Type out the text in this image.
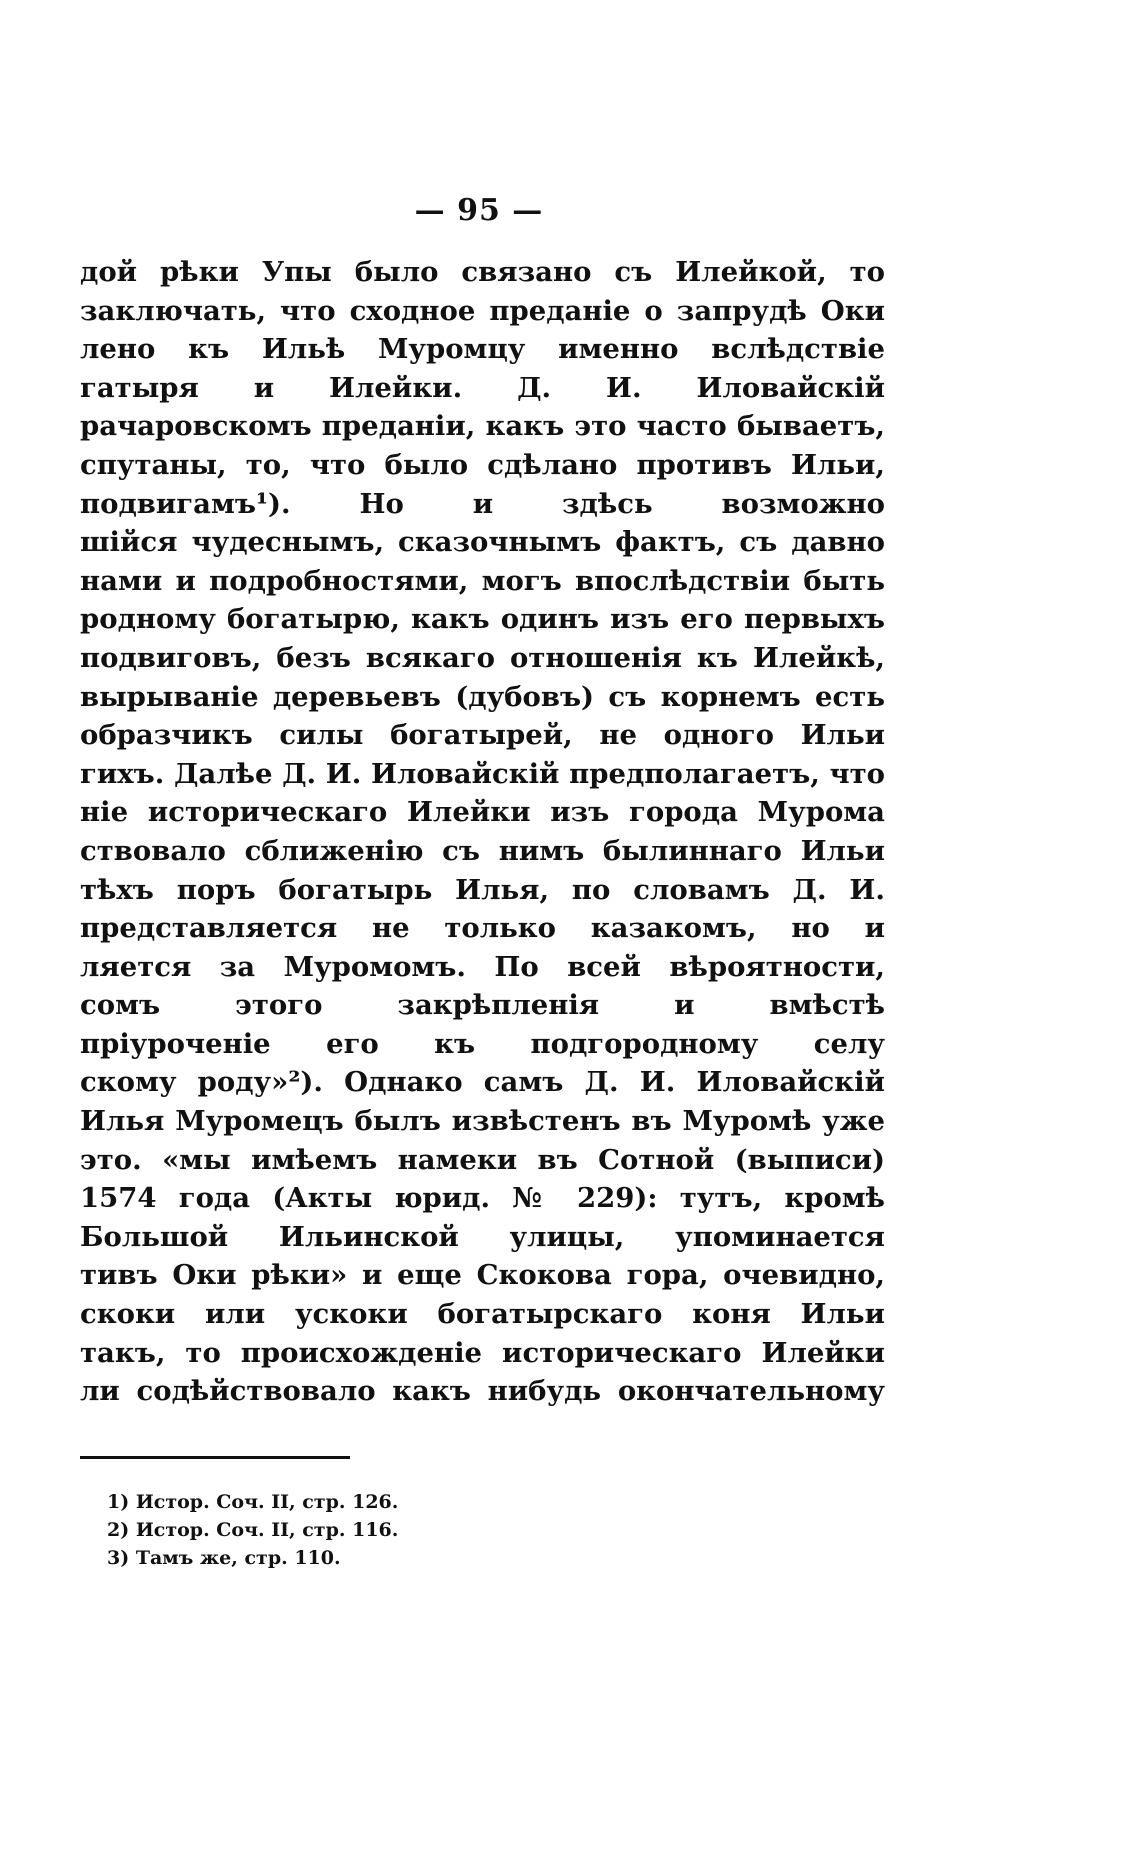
— 95 —
дой рѣки Упы было связано съ Илейкой, то
заключать, что сходное преданіе о запрудѣ Оки
лено къ Ильѣ Муромцу именно вслѣдствіе
гатыря и Илейки. Д. И. Иловайскій
рачаровскомъ преданіи, какъ это часто бываетъ,
спутаны, то, что было сдѣлано противъ Ильи,
подвигамъ¹). Но и здѣсь возможно
шійся чудеснымъ, сказочнымъ фактъ, съ давно
нами и подробностями, могъ впослѣдствіи быть
родному богатырю, какъ одинъ изъ его первыхъ
подвиговъ, безъ всякаго отношенія къ Илейкѣ,
вырываніе деревьевъ (дубовъ) съ корнемъ есть
образчикъ силы богатырей, не одного Ильи
гихъ. Далѣе Д. И. Иловайскій предполагаетъ, что
ніе историческаго Илейки изъ города Мурома
ствовало сближенію съ нимъ былиннаго Ильи
тѣхъ поръ богатырь Илья, по словамъ Д. И.
представляется не только казакомъ, но и
ляется за Муромомъ. По всей вѣроятности,
сомъ этого закрѣпленія и вмѣстѣ
пріуроченіе его къ подгородному селу
скому роду»²). Однако самъ Д. И. Иловайскій
Илья Муромецъ былъ извѣстенъ въ Муромѣ уже
это. «мы имѣемъ намеки въ Сотной (выписи)
1574 года (Акты юрид. № 229): тутъ, кромѣ
Большой Ильинской улицы, упоминается
тивъ Оки рѣки» и еще Скокова гора, очевидно,
скоки или ускоки богатырскаго коня Ильи
такъ, то происхожденіе историческаго Илейки
ли содѣйствовало какъ нибудь окончательному
1) Истор. Соч. II, стр. 126.
2) Истор. Соч. II, стр. 116.
3) Тамъ же, стр. 110.
